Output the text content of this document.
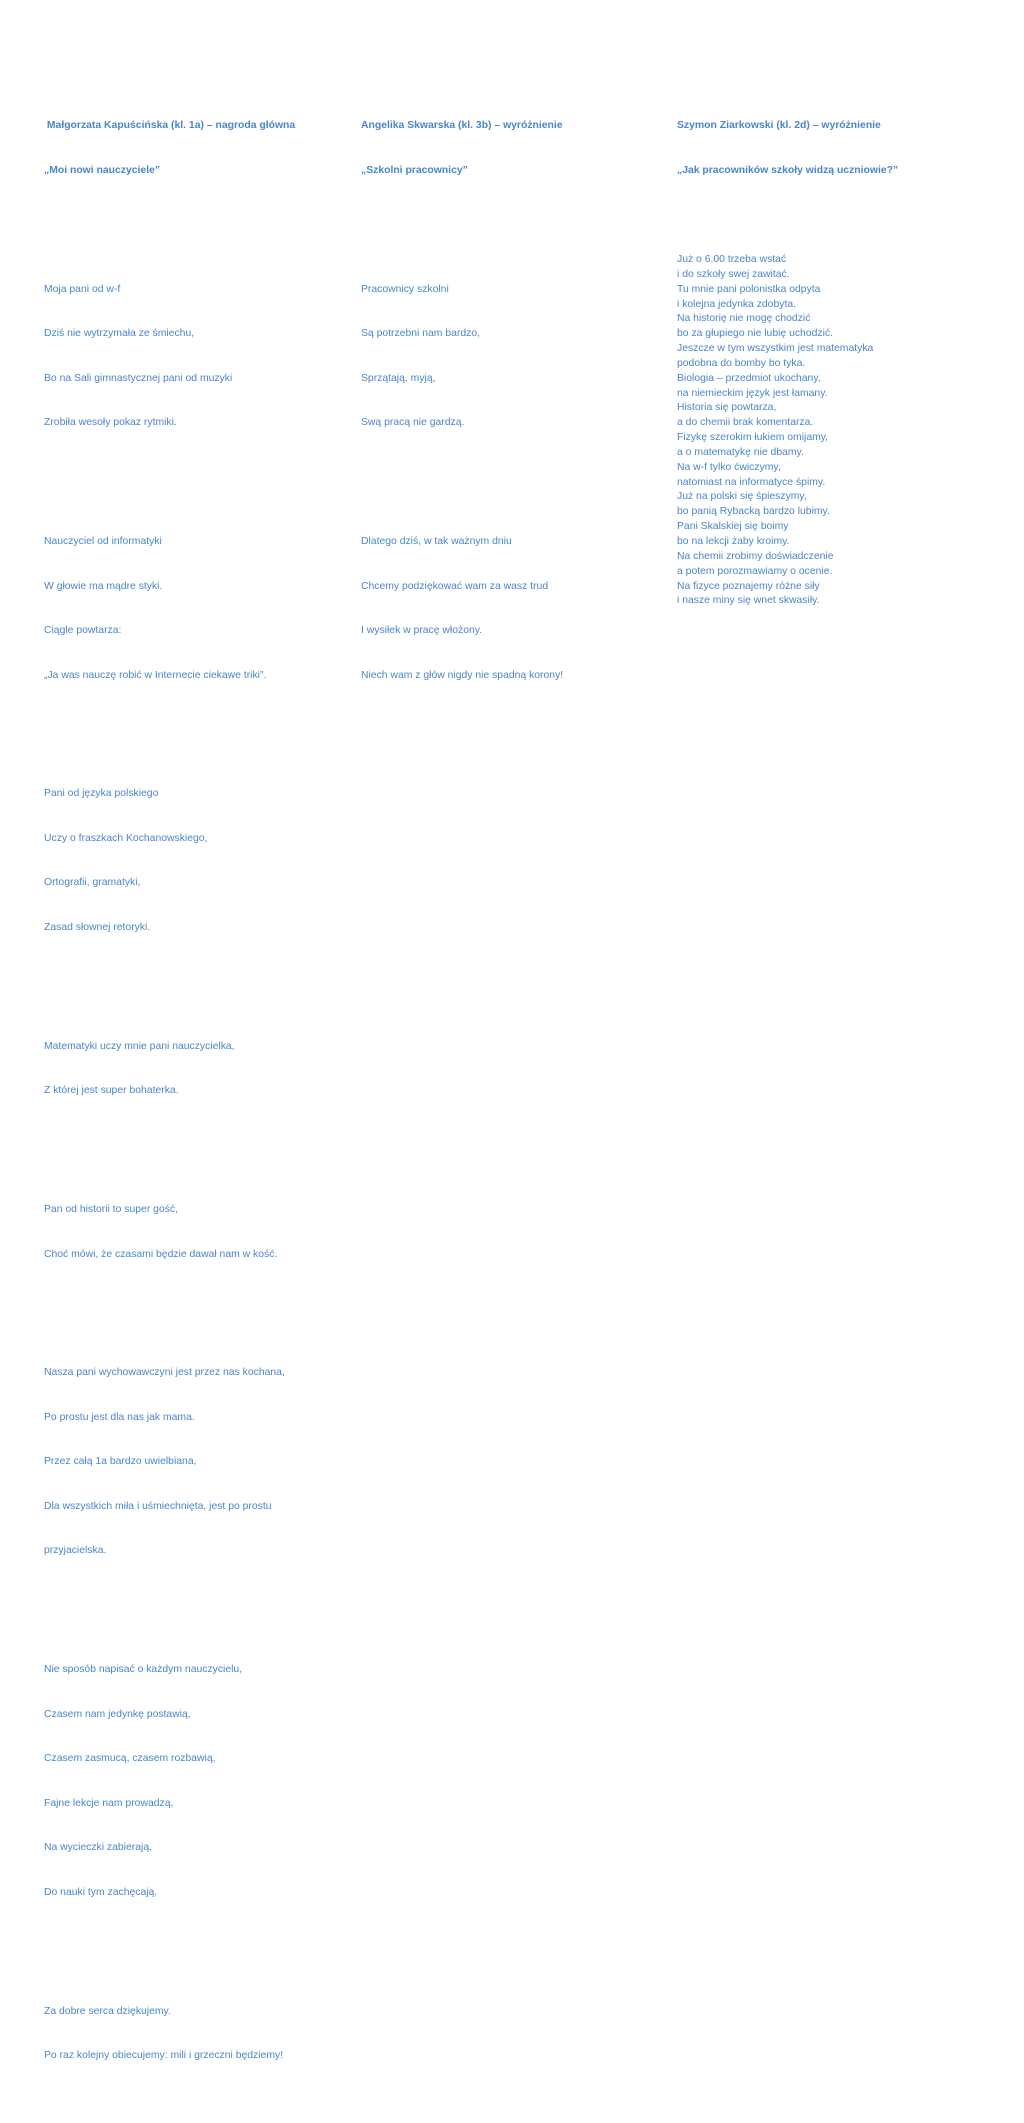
Małgorzata Kapuścińska (kl. 1a) – nagroda główna

„Moi nowi nauczyciele”

Moja pani od w-f

Dziś nie wytrzymała ze śmiechu,

Bo na Sali gimnastycznej pani od muzyki

Zrobiła wesoły pokaz rytmiki.

Nauczyciel od informatyki

W głowie ma mądre styki.

Ciągle powtarza:

„Ja was nauczę robić w Internecie ciekawe triki”.

Pani od języka polskiego

Uczy o fraszkach Kochanowskiego,

Ortografii, gramatyki,

Zasad słownej retoryki.

Matematyki uczy mnie pani nauczycielka,

Z której jest super bohaterka.

Pan od historii to super gość,

Choć mówi, że czasami będzie dawał nam w kość.

Nasza pani wychowawczyni jest przez nas kochana,

Po prostu jest dla nas jak mama.

Przez całą 1a bardzo uwielbiana,

Dla wszystkich miła i uśmiechnięta, jest po prostu

przyjacielska.

Nie sposób napisać o każdym nauczycielu,

Czasem nam jedynkę postawią,

Czasem zasmucą, czasem rozbawią,

Fajne lekcje nam prowadzą,

Na wycieczki zabierają,

Do nauki tym zachęcają.

Za dobre serca dziękujemy.

Po raz kolejny obiecujemy: mili i grzeczni będziemy!

Angelika Skwarska (kl. 3b) – wyróżnienie

„Szkolni pracownicy”

Pracownicy szkolni

Są potrzebni nam bardzo,

Sprzątają, myją,

Swą pracą nie gardzą.

Dlatego dziś, w tak ważnym dniu

Chcemy podziękować wam za wasz trud

I wysiłek w pracę włożony.

Niech wam z głów nigdy nie spadną korony!

Szymon Ziarkowski (kl. 2d) – wyróżnienie

„Jak pracowników szkoły widzą uczniowie?”

Już o 6.00 trzeba wstać
i do szkoły swej zawitać.
Tu mnie pani polonistka odpyta
i kolejna jedynka zdobyta.
Na historię nie mogę chodzić
bo za głupiego nie lubię uchodzić.
Jeszcze w tym wszystkim jest matematyka
podobna do bomby bo tyka.
Biologia – przedmiot ukochany,
na niemieckim język jest łamany.
Historia się powtarza,
a do chemii brak komentarza.
Fizykę szerokim łukiem omijamy,
a o matematykę nie dbamy.
Na w-f tylko ćwiczymy,
natomiast na informatyce śpimy.
Już na polski się śpieszymy,
bo panią Rybacką bardzo lubimy.
Pani Skalskiej się boimy
bo na lekcji żaby kroimy.
Na chemii zrobimy doświadczenie
a potem porozmawiamy o ocenie.
Na fizyce poznajemy różne siły
i nasze miny się wnet skwasiły.
